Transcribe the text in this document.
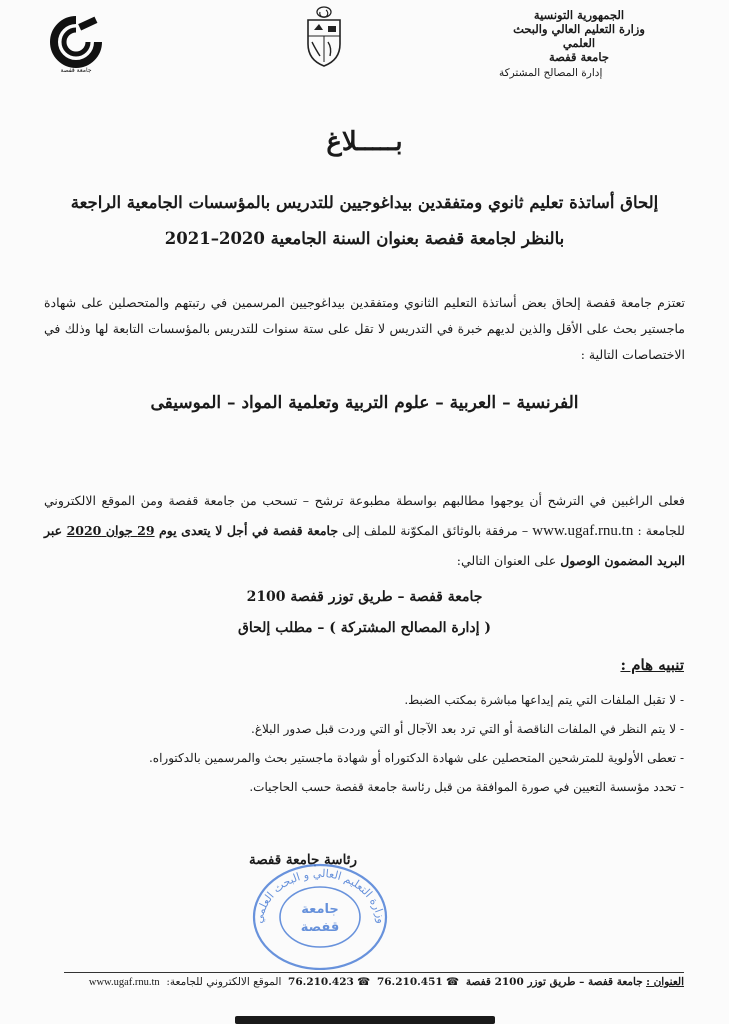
الجمهورية التونسية
وزارة التعليم العالي والبحث
العلمي
جامعة قفصة
إدارة المصالح المشتركة
جامعة قفصة
بـــــلاغ
إلحاق أساتذة تعليم ثانوي ومتفقدين بيداغوجيين للتدريس بالمؤسسات الجامعية الراجعة
بالنظر لجامعة قفصة بعنوان السنة الجامعية 2020–2021
تعتزم جامعة قفصة إلحاق بعض أساتذة التعليم الثانوي ومتفقدين بيداغوجيين المرسمين في رتبتهم والمتحصلين على شهادة ماجستير بحث على الأقل والذين لديهم خبرة في التدريس لا تقل على ستة سنوات للتدريس بالمؤسسات التابعة لها وذلك في الاختصاصات التالية :
الفرنسية – العربية – علوم التربية وتعلمية المواد – الموسيقى
فعلى الراغبين في الترشح أن يوجهوا مطالبهم بواسطة مطبوعة ترشح – تسحب من جامعة قفصة ومن الموقع الالكتروني للجامعة : www.ugaf.rnu.tn – مرفقة بالوثائق المكوّنة للملف إلى جامعة قفصة في أجل لا يتعدى يوم 29 جوان 2020 عبر البريد المضمون الوصول على العنوان التالي:
جامعة قفصة – طريق توزر قفصة 2100
( إدارة المصالح المشتركة ) – مطلب إلحاق
تنبيه هام :
- لا تقبل الملفات التي يتم إيداعها مباشرة بمكتب الضبط.
- لا يتم النظر في الملفات الناقصة أو التي ترد بعد الآجال أو التي وردت قبل صدور البلاغ.
- تعطى الأولوية للمترشحين المتحصلين على شهادة الدكتوراه أو شهادة ماجستير بحث والمرسمين بالدكتوراه.
- تحدد مؤسسة التعيين في صورة الموافقة من قبل رئاسة جامعة قفصة حسب الحاجيات.
رئاسة جامعة قفصة
وزارة التعليم العالي و البحث العلمي
جامعة
قفصة
العنوان : جامعة قفصة – طريق توزر 2100 قفصة  ☎ 76.210.451  ☎ 76.210.423  الموقع الالكتروني للجامعة:  www.ugaf.rnu.tn
